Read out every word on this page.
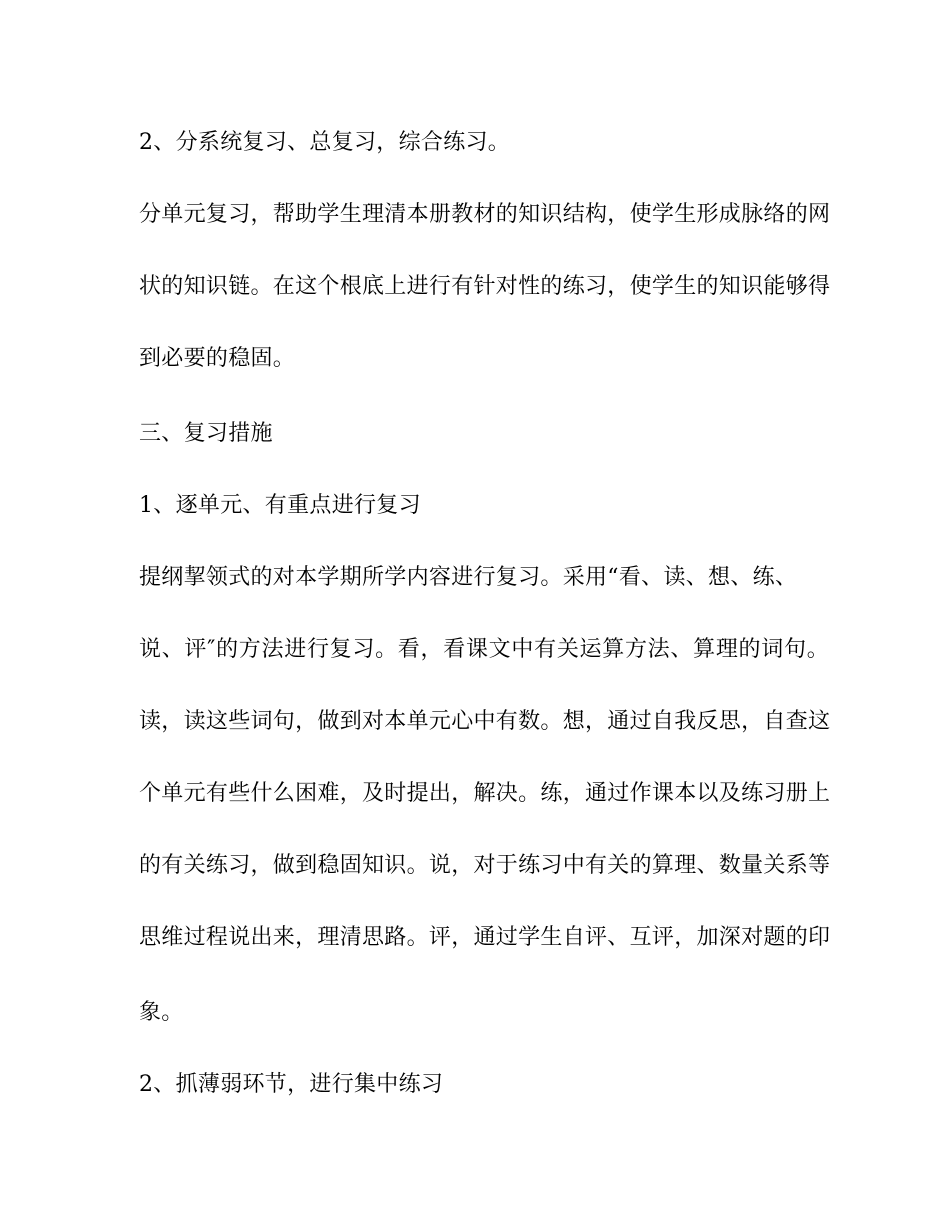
2、分系统复习、总复习，综合练习。
分单元复习，帮助学生理清本册教材的知识结构，使学生形成脉络的网
状的知识链。在这个根底上进行有针对性的练习，使学生的知识能够得
到必要的稳固。
三、复习措施
1、逐单元、有重点进行复习
提纲挈领式的对本学期所学内容进行复习。采用“看、读、想、练、
说、评″的方法进行复习。看，看课文中有关运算方法、算理的词句。
读，读这些词句，做到对本单元心中有数。想，通过自我反思，自查这
个单元有些什么困难，及时提出，解决。练，通过作课本以及练习册上
的有关练习，做到稳固知识。说，对于练习中有关的算理、数量关系等
思维过程说出来，理清思路。评，通过学生自评、互评，加深对题的印
象。
2、抓薄弱环节，进行集中练习
